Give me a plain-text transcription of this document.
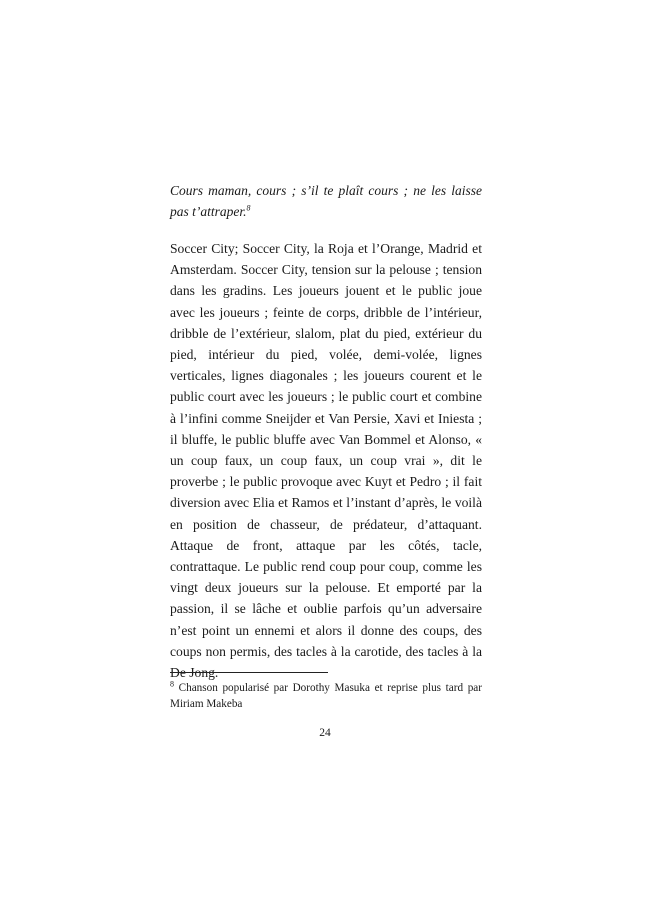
Cours maman, cours ; s’il te plaît cours ; ne les laisse pas t’attraper.$^8$

Soccer City; Soccer City, la Roja et l’Orange, Madrid et Amsterdam. Soccer City, tension sur la pelouse ; tension dans les gradins. Les joueurs jouent et le public joue avec les joueurs ; feinte de corps, dribble de l’intérieur, dribble de l’extérieur, slalom, plat du pied, extérieur du pied, intérieur du pied, volée, demi-volée, lignes verticales, lignes diagonales ; les joueurs courent et le public court avec les joueurs ; le public court et combine à l’infini comme Sneijder et Van Persie, Xavi et Iniesta ; il bluffe, le public bluffe avec Van Bommel et Alonso, « un coup faux, un coup faux, un coup vrai », dit le proverbe ; le public provoque avec Kuyt et Pedro ; il fait diversion avec Elia et Ramos et l’instant d’après, le voilà en position de chasseur, de prédateur, d’attaquant. Attaque de front, attaque par les côtés, tacle, contrattaque. Le public rend coup pour coup, comme les vingt deux joueurs sur la pelouse. Et emporté par la passion, il se lâche et oublie parfois qu’un adversaire n’est point un ennemi et alors il donne des coups, des coups non permis, des tacles à la carotide, des tacles à la De Jong.

$^8$ Chanson popularisé par Dorothy Masuka et reprise plus tard par Miriam Makeba

24
